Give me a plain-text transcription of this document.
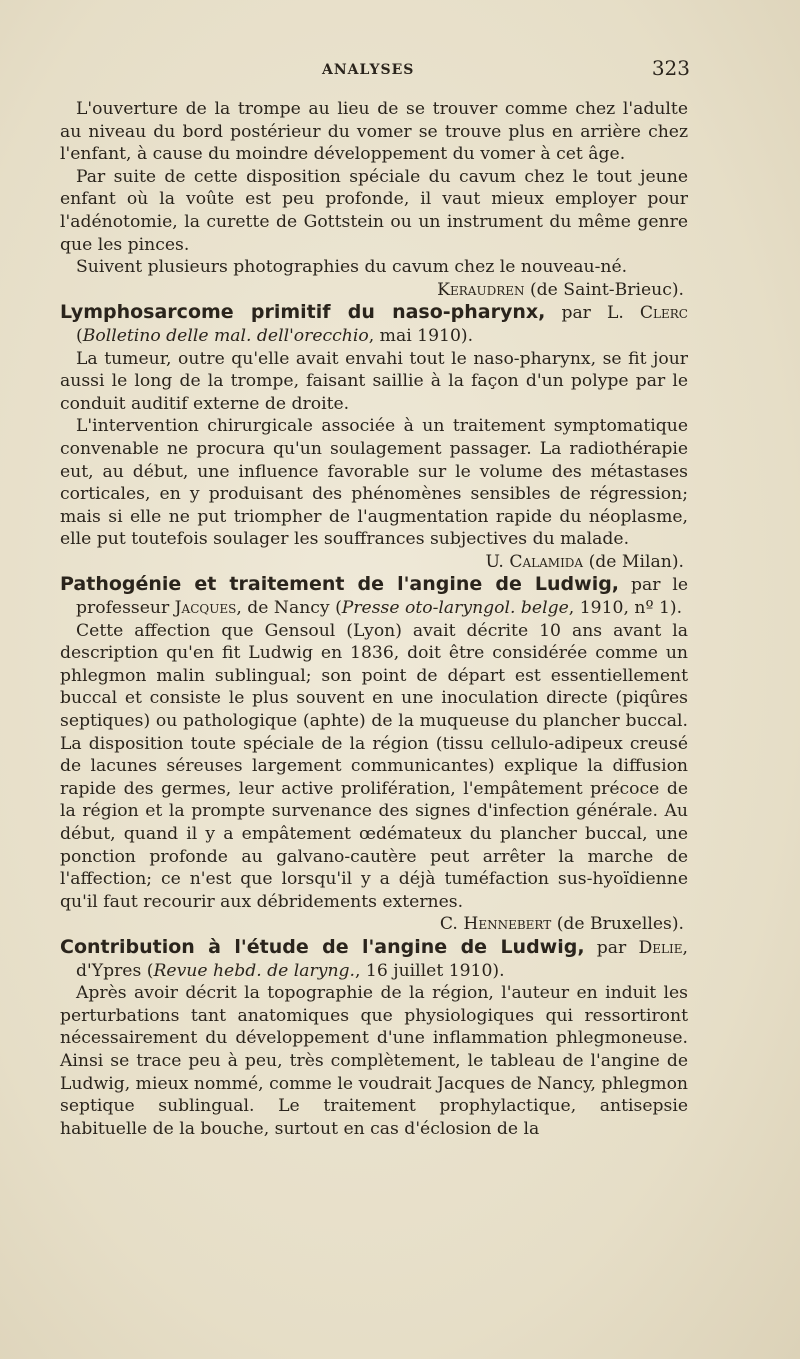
ANALYSES	323

L'ouverture de la trompe au lieu de se trouver comme chez l'adulte au niveau du bord postérieur du vomer se trouve plus en arrière chez l'enfant, à cause du moindre développement du vomer à cet âge.

Par suite de cette disposition spéciale du cavum chez le tout jeune enfant où la voûte est peu profonde, il vaut mieux employer pour l'adénotomie, la curette de Gottstein ou un instrument du même genre que les pinces.

Suivent plusieurs photographies du cavum chez le nouveau-né.

Keraudren (de Saint-Brieuc).

Lymphosarcome primitif du naso-pharynx, par L. Clerc (Bolletino delle mal. dell'orecchio, mai 1910).

La tumeur, outre qu'elle avait envahi tout le naso-pharynx, se fit jour aussi le long de la trompe, faisant saillie à la façon d'un polype par le conduit auditif externe de droite.

L'intervention chirurgicale associée à un traitement symptomatique convenable ne procura qu'un soulagement passager. La radiothérapie eut, au début, une influence favorable sur le volume des métastases corticales, en y produisant des phénomènes sensibles de régression; mais si elle ne put triompher de l'augmentation rapide du néoplasme, elle put toutefois soulager les souffrances subjectives du malade.

U. Calamida (de Milan).

Pathogénie et traitement de l'angine de Ludwig, par le professeur Jacques, de Nancy (Presse oto-laryngol. belge, 1910, nº 1).

Cette affection que Gensoul (Lyon) avait décrite 10 ans avant la description qu'en fit Ludwig en 1836, doit être considérée comme un phlegmon malin sublingual; son point de départ est essentiellement buccal et consiste le plus souvent en une inoculation directe (piqûres septiques) ou pathologique (aphte) de la muqueuse du plancher buccal. La disposition toute spéciale de la région (tissu cellulo-adipeux creusé de lacunes séreuses largement communicantes) explique la diffusion rapide des germes, leur active prolifération, l'empâtement précoce de la région et la prompte survenance des signes d'infection générale. Au début, quand il y a empâtement œdémateux du plancher buccal, une ponction profonde au galvano-cautère peut arrêter la marche de l'affection; ce n'est que lorsqu'il y a déjà tuméfaction sus-hyoïdienne qu'il faut recourir aux débridements externes.

C. Hennebert (de Bruxelles).

Contribution à l'étude de l'angine de Ludwig, par Delie, d'Ypres (Revue hebd. de laryng., 16 juillet 1910).

Après avoir décrit la topographie de la région, l'auteur en induit les perturbations tant anatomiques que physiologiques qui ressortiront nécessairement du développement d'une inflammation phlegmoneuse. Ainsi se trace peu à peu, très complètement, le tableau de l'angine de Ludwig, mieux nommé, comme le voudrait Jacques de Nancy, phlegmon septique sublingual. Le traitement prophylactique, antisepsie habituelle de la bouche, surtout en cas d'éclosion de la
